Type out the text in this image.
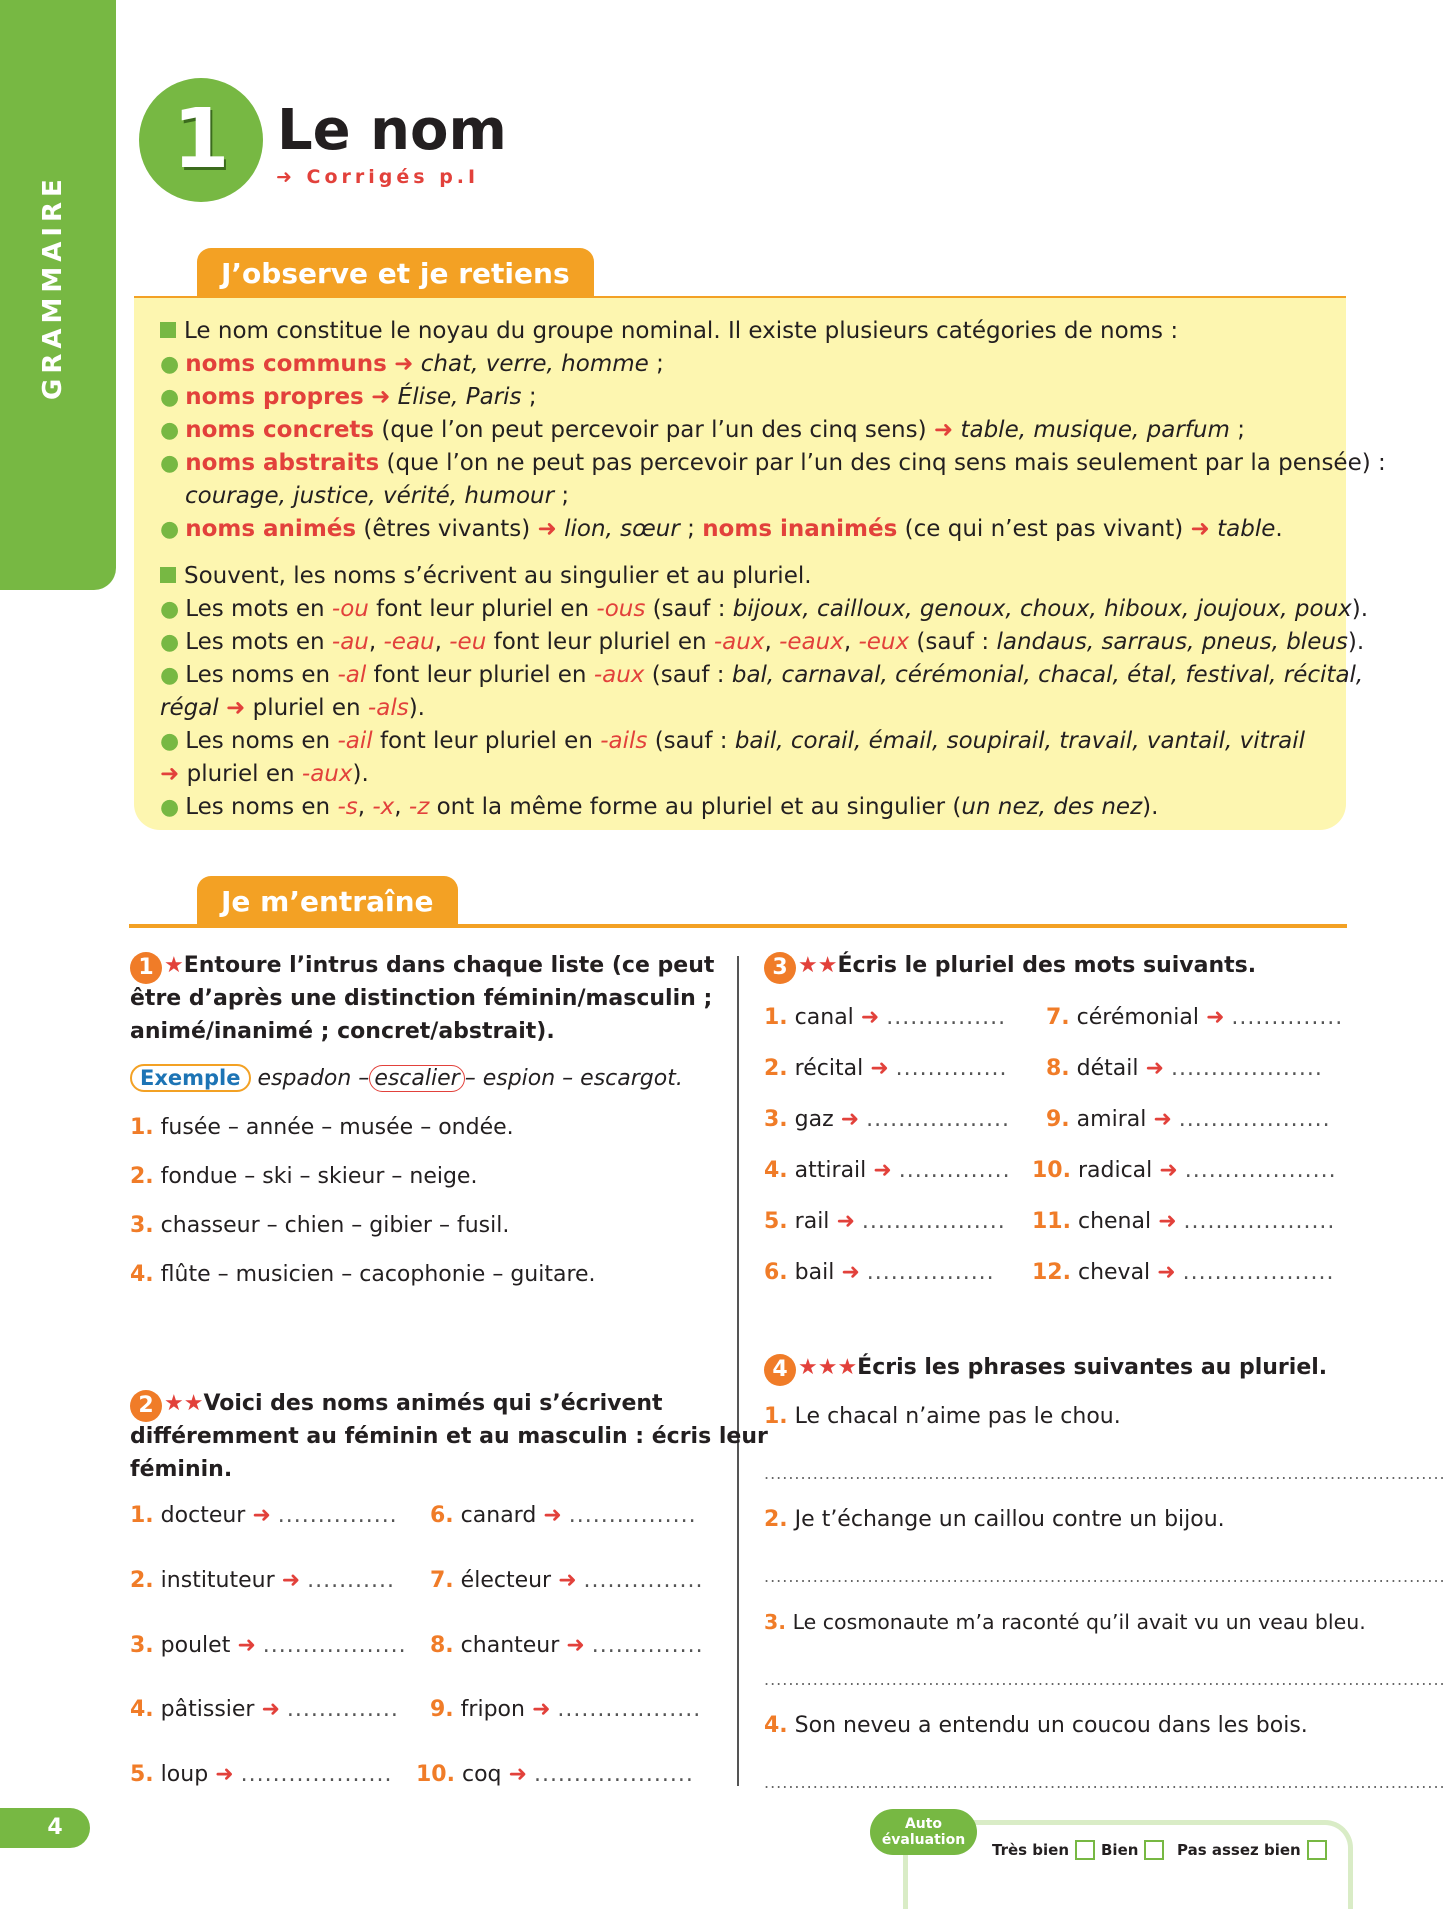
GRAMMAIRE
1 Le nom
➜ Corrigés p.I
J’observe et je retiens
Le nom constitue le noyau du groupe nominal. Il existe plusieurs catégories de noms :
● noms communs ➜ chat, verre, homme ;
● noms propres ➜ Élise, Paris ;
● noms concrets (que l’on peut percevoir par l’un des cinq sens) ➜ table, musique, parfum ;
● noms abstraits (que l’on ne peut pas percevoir par l’un des cinq sens mais seulement par la pensée) :
courage, justice, vérité, humour ;
● noms animés (êtres vivants) ➜ lion, sœur ; noms inanimés (ce qui n’est pas vivant) ➜ table.
Souvent, les noms s’écrivent au singulier et au pluriel.
● Les mots en -ou font leur pluriel en -ous (sauf : bijoux, cailloux, genoux, choux, hiboux, joujoux, poux).
● Les mots en -au, -eau, -eu font leur pluriel en -aux, -eaux, -eux (sauf : landaus, sarraus, pneus, bleus).
● Les noms en -al font leur pluriel en -aux (sauf : bal, carnaval, cérémonial, chacal, étal, festival, récital,
régal ➜ pluriel en -als).
● Les noms en -ail font leur pluriel en -ails (sauf : bail, corail, émail, soupirail, travail, vantail, vitrail
➜ pluriel en -aux).
● Les noms en -s, -x, -z ont la même forme au pluriel et au singulier (un nez, des nez).
Je m’entraîne
1 ★Entoure l’intrus dans chaque liste (ce peut
être d’après une distinction féminin/masculin ;
animé/inanimé ; concret/abstrait).
Exemple espadon – escalier – espion – escargot.
1. fusée – année – musée – ondée.
2. fondue – ski – skieur – neige.
3. chasseur – chien – gibier – fusil.
4. flûte – musicien – cacophonie – guitare.
2 ★★Voici des noms animés qui s’écrivent
différemment au féminin et au masculin : écris leur
féminin.
1. docteur ➜ ...............
2. instituteur ➜ ...........
3. poulet ➜ ..................
4. pâtissier ➜ ..............
5. loup ➜ ...................
6. canard ➜ ................
7. électeur ➜ ...............
8. chanteur ➜ ..............
9. fripon ➜ ..................
10. coq ➜ ....................
3 ★★Écris le pluriel des mots suivants.
1. canal ➜ ...............
2. récital ➜ ..............
3. gaz ➜ ..................
4. attirail ➜ ..............
5. rail ➜ ..................
6. bail ➜ ................
7. cérémonial ➜ ..............
8. détail ➜ ...................
9. amiral ➜ ...................
10. radical ➜ ...................
11. chenal ➜ ...................
12. cheval ➜ ...................
4 ★★★Écris les phrases suivantes au pluriel.
1. Le chacal n’aime pas le chou.
................................................................................................................
2. Je t’échange un caillou contre un bijou.
................................................................................................................
3. Le cosmonaute m’a raconté qu’il avait vu un veau bleu.
................................................................................................................
4. Son neveu a entendu un coucou dans les bois.
................................................................................................................
4	Auto
évaluation
Très bien	Bien	Pas assez bien
